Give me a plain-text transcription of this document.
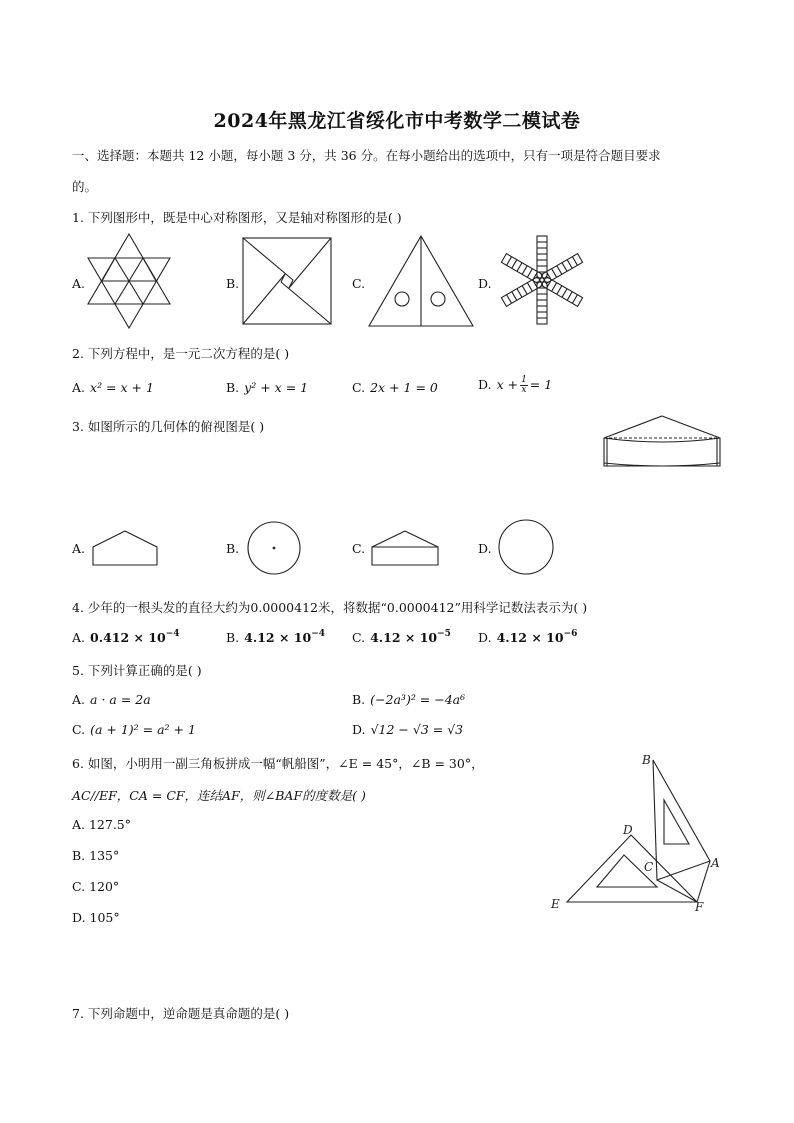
2024年黑龙江省绥化市中考数学二模试卷
一、选择题：本题共 12 小题，每小题 3 分，共 36 分。在每小题给出的选项中，只有一项是符合题目要求
的。
1. 下列图形中，既是中心对称图形，又是轴对称图形的是( )
A.	B.	C.	D.
2. 下列方程中，是一元二次方程的是( )
A. x² = x + 1	B. y² + x = 1	C. 2x + 1 = 0	D. $x + \frac{1}{x} = 1$
3. 如图所示的几何体的俯视图是( )
A.	B.	C.	D.
4. 少年的一根头发的直径大约为0.0000412米，将数据“0.0000412”用科学记数法表示为( )
A. $0.412 \times 10^{-4}$	B. $4.12 \times 10^{-4}$ C. $4.12 \times 10^{-5}$ D. $4.12 \times 10^{-6}$
5. 下列计算正确的是( )
A. a · a = 2a	B. (−2a³)² = −4a⁶
C. (a + 1)² = a² + 1	D. √12 − √3 = √3
6. 如图，小明用一副三角板拼成一幅“帆船图”，∠E = 45°，∠B = 30°，
AC//EF，CA = CF，连结AF，则∠BAF的度数是( )
A. 127.5°
B. 135°
C. 120°
D. 105°
B
D
C	A
E	F
7. 下列命题中，逆命题是真命题的是( )
